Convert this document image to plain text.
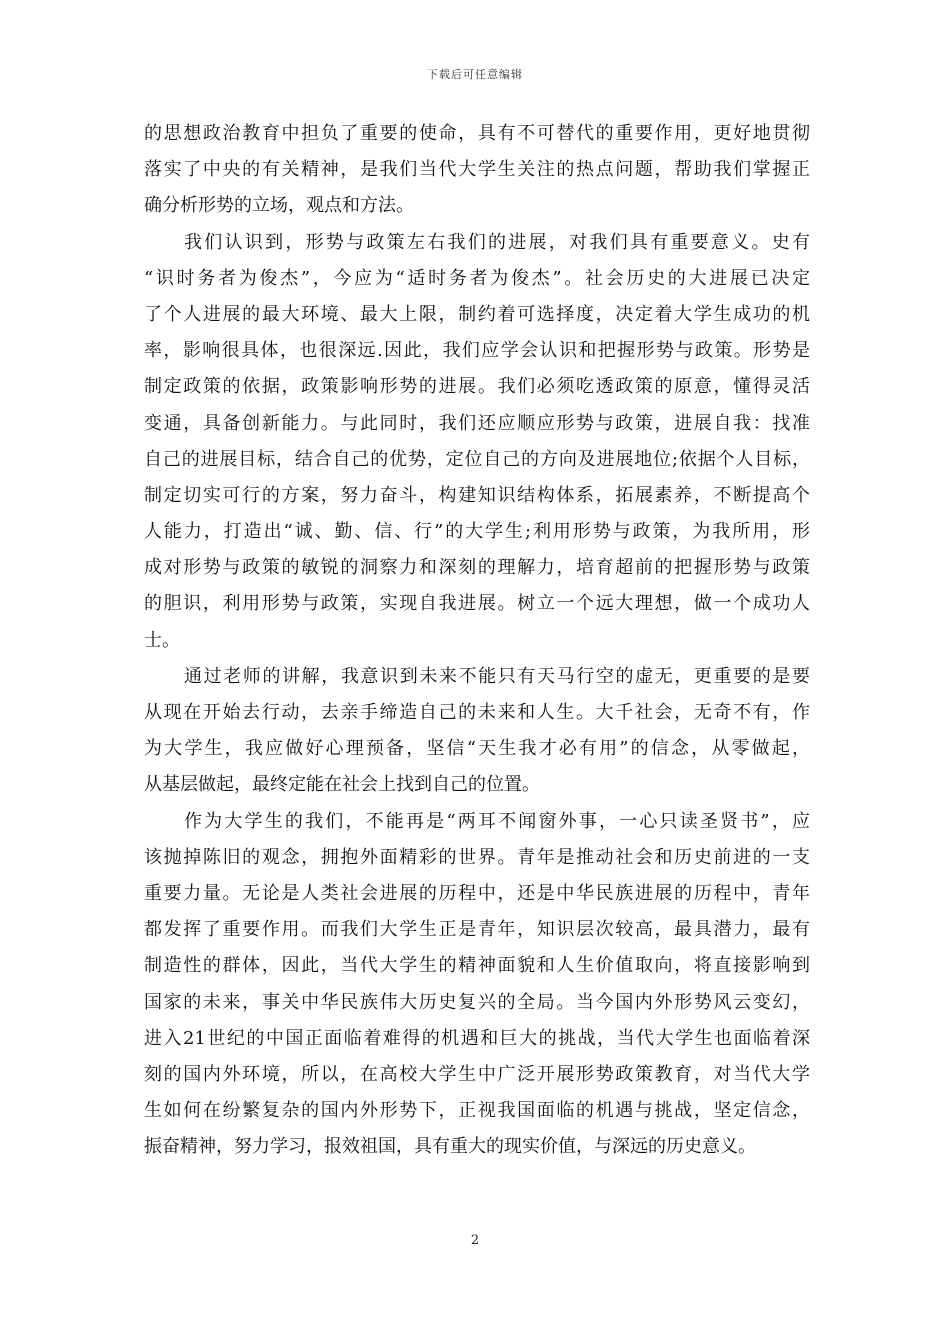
下载后可任意编辑
的思想政治教育中担负了重要的使命，具有不可替代的重要作用，更好地贯彻
落实了中央的有关精神，是我们当代大学生关注的热点问题，帮助我们掌握正
确分析形势的立场，观点和方法。
我们认识到，形势与政策左右我们的进展，对我们具有重要意义。史有
“识时务者为俊杰”，今应为“适时务者为俊杰”。社会历史的大进展已决定
了个人进展的最大环境、最大上限，制约着可选择度，决定着大学生成功的机
率，影响很具体，也很深远.因此，我们应学会认识和把握形势与政策。形势是
制定政策的依据，政策影响形势的进展。我们必须吃透政策的原意，懂得灵活
变通，具备创新能力。与此同时，我们还应顺应形势与政策，进展自我：找准
自己的进展目标，结合自己的优势，定位自己的方向及进展地位;依据个人目标，
制定切实可行的方案，努力奋斗，构建知识结构体系，拓展素养，不断提高个
人能力，打造出“诚、勤、信、行”的大学生;利用形势与政策，为我所用，形
成对形势与政策的敏锐的洞察力和深刻的理解力，培育超前的把握形势与政策
的胆识，利用形势与政策，实现自我进展。树立一个远大理想，做一个成功人
士。
通过老师的讲解，我意识到未来不能只有天马行空的虚无，更重要的是要
从现在开始去行动，去亲手缔造自己的未来和人生。大千社会，无奇不有，作
为大学生，我应做好心理预备，坚信“天生我才必有用”的信念，从零做起，
从基层做起，最终定能在社会上找到自己的位置。
作为大学生的我们，不能再是“两耳不闻窗外事，一心只读圣贤书”，应
该抛掉陈旧的观念，拥抱外面精彩的世界。青年是推动社会和历史前进的一支
重要力量。无论是人类社会进展的历程中，还是中华民族进展的历程中，青年
都发挥了重要作用。而我们大学生正是青年，知识层次较高，最具潜力，最有
制造性的群体，因此，当代大学生的精神面貌和人生价值取向，将直接影响到
国家的未来，事关中华民族伟大历史复兴的全局。当今国内外形势风云变幻，
进入21世纪的中国正面临着难得的机遇和巨大的挑战，当代大学生也面临着深
刻的国内外环境，所以，在高校大学生中广泛开展形势政策教育，对当代大学
生如何在纷繁复杂的国内外形势下，正视我国面临的机遇与挑战，坚定信念，
振奋精神，努力学习，报效祖国，具有重大的现实价值，与深远的历史意义。
2
